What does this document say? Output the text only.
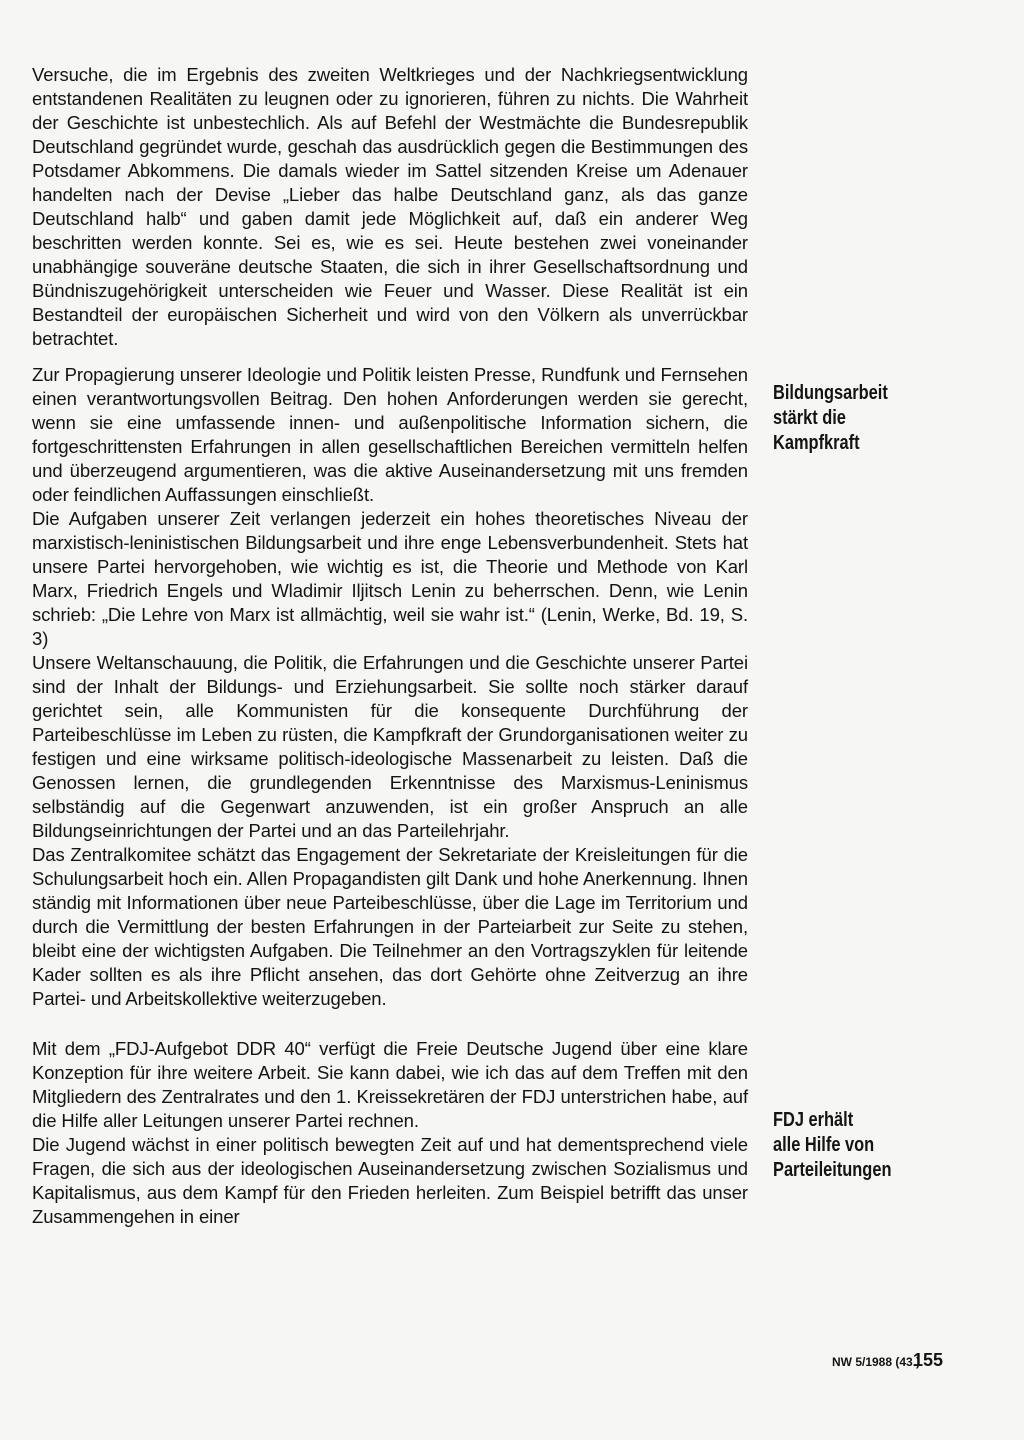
Versuche, die im Ergebnis des zweiten Weltkrieges und der Nachkriegsentwicklung entstandenen Realitäten zu leugnen oder zu ignorieren, führen zu nichts. Die Wahrheit der Geschichte ist unbestechlich. Als auf Befehl der Westmächte die Bundesrepublik Deutschland gegründet wurde, geschah das ausdrücklich gegen die Bestimmungen des Potsdamer Abkommens. Die damals wieder im Sattel sitzenden Kreise um Adenauer handelten nach der Devise „Lieber das halbe Deutschland ganz, als das ganze Deutschland halb“ und gaben damit jede Möglichkeit auf, daß ein anderer Weg beschritten werden konnte. Sei es, wie es sei. Heute bestehen zwei voneinander unabhängige souveräne deutsche Staaten, die sich in ihrer Gesellschaftsordnung und Bündniszugehörigkeit unterscheiden wie Feuer und Wasser. Diese Realität ist ein Bestandteil der europäischen Sicherheit und wird von den Völkern als unverrückbar betrachtet.

Zur Propagierung unserer Ideologie und Politik leisten Presse, Rundfunk und Fernsehen einen verantwortungsvollen Beitrag. Den hohen Anforderungen werden sie gerecht, wenn sie eine umfassende innen- und außenpolitische Information sichern, die fortgeschrittensten Erfahrungen in allen gesellschaftlichen Bereichen vermitteln helfen und überzeugend argumentieren, was die aktive Auseinandersetzung mit uns fremden oder feindlichen Auffassungen einschließt.

Die Aufgaben unserer Zeit verlangen jederzeit ein hohes theoretisches Niveau der marxistisch-leninistischen Bildungsarbeit und ihre enge Lebensverbundenheit. Stets hat unsere Partei hervorgehoben, wie wichtig es ist, die Theorie und Methode von Karl Marx, Friedrich Engels und Wladimir Iljitsch Lenin zu beherrschen. Denn, wie Lenin schrieb: „Die Lehre von Marx ist allmächtig, weil sie wahr ist.“ (Lenin, Werke, Bd. 19, S. 3)

Unsere Weltanschauung, die Politik, die Erfahrungen und die Geschichte unserer Partei sind der Inhalt der Bildungs- und Erziehungsarbeit. Sie sollte noch stärker darauf gerichtet sein, alle Kommunisten für die konsequente Durchführung der Parteibeschlüsse im Leben zu rüsten, die Kampfkraft der Grundorganisationen weiter zu festigen und eine wirksame politisch-ideologische Massenarbeit zu leisten. Daß die Genossen lernen, die grundlegenden Erkenntnisse des Marxismus-Leninismus selbständig auf die Gegenwart anzuwenden, ist ein großer Anspruch an alle Bildungseinrichtungen der Partei und an das Parteilehrjahr.

Das Zentralkomitee schätzt das Engagement der Sekretariate der Kreisleitungen für die Schulungsarbeit hoch ein. Allen Propagandisten gilt Dank und hohe Anerkennung. Ihnen ständig mit Informationen über neue Parteibeschlüsse, über die Lage im Territorium und durch die Vermittlung der besten Erfahrungen in der Parteiarbeit zur Seite zu stehen, bleibt eine der wichtigsten Aufgaben. Die Teilnehmer an den Vortragszyklen für leitende Kader sollten es als ihre Pflicht ansehen, das dort Gehörte ohne Zeitverzug an ihre Partei- und Arbeitskollektive weiterzugeben.

Mit dem „FDJ-Aufgebot DDR 40“ verfügt die Freie Deutsche Jugend über eine klare Konzeption für ihre weitere Arbeit. Sie kann dabei, wie ich das auf dem Treffen mit den Mitgliedern des Zentralrates und den 1. Kreissekretären der FDJ unterstrichen habe, auf die Hilfe aller Leitungen unserer Partei rechnen.

Die Jugend wächst in einer politisch bewegten Zeit auf und hat dementsprechend viele Fragen, die sich aus der ideologischen Auseinandersetzung zwischen Sozialismus und Kapitalismus, aus dem Kampf für den Frieden herleiten. Zum Beispiel betrifft das unser Zusammengehen in einer

Bildungsarbeit
stärkt die
Kampfkraft
FDJ erhält
alle Hilfe von
Parteileitungen
NW 5/1988 (43.)
155
